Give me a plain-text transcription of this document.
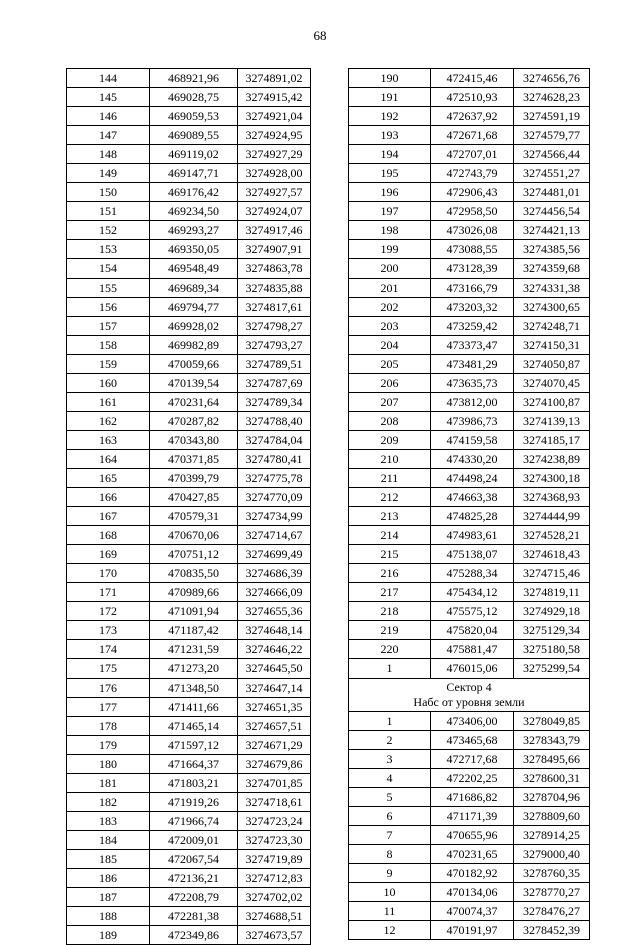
68
144	468921,96	3274891,02
145	469028,75	3274915,42
146	469059,53	3274921,04
147	469089,55	3274924,95
148	469119,02	3274927,29
149	469147,71	3274928,00
150	469176,42	3274927,57
151	469234,50	3274924,07
152	469293,27	3274917,46
153	469350,05	3274907,91
154	469548,49	3274863,78
155	469689,34	3274835,88
156	469794,77	3274817,61
157	469928,02	3274798,27
158	469982,89	3274793,27
159	470059,66	3274789,51
160	470139,54	3274787,69
161	470231,64	3274789,34
162	470287,82	3274788,40
163	470343,80	3274784,04
164	470371,85	3274780,41
165	470399,79	3274775,78
166	470427,85	3274770,09
167	470579,31	3274734,99
168	470670,06	3274714,67
169	470751,12	3274699,49
170	470835,50	3274686,39
171	470989,66	3274666,09
172	471091,94	3274655,36
173	471187,42	3274648,14
174	471231,59	3274646,22
175	471273,20	3274645,50
176	471348,50	3274647,14
177	471411,66	3274651,35
178	471465,14	3274657,51
179	471597,12	3274671,29
180	471664,37	3274679,86
181	471803,21	3274701,85
182	471919,26	3274718,61
183	471966,74	3274723,24
184	472009,01	3274723,30
185	472067,54	3274719,89
186	472136,21	3274712,83
187	472208,79	3274702,02
188	472281,38	3274688,51
189	472349,86	3274673,57
190	472415,46	3274656,76
191	472510,93	3274628,23
192	472637,92	3274591,19
193	472671,68	3274579,77
194	472707,01	3274566,44
195	472743,79	3274551,27
196	472906,43	3274481,01
197	472958,50	3274456,54
198	473026,08	3274421,13
199	473088,55	3274385,56
200	473128,39	3274359,68
201	473166,79	3274331,38
202	473203,32	3274300,65
203	473259,42	3274248,71
204	473373,47	3274150,31
205	473481,29	3274050,87
206	473635,73	3274070,45
207	473812,00	3274100,87
208	473986,73	3274139,13
209	474159,58	3274185,17
210	474330,20	3274238,89
211	474498,24	3274300,18
212	474663,38	3274368,93
213	474825,28	3274444,99
214	474983,61	3274528,21
215	475138,07	3274618,43
216	475288,34	3274715,46
217	475434,12	3274819,11
218	475575,12	3274929,18
219	475820,04	3275129,34
220	475881,47	3275180,58
1	476015,06	3275299,54

Сектор 4
Набс от уровня земли		

1	473406,00	3278049,85
2	473465,68	3278343,79
3	472717,68	3278495,66
4	472202,25	3278600,31
5	471686,82	3278704,96
6	471171,39	3278809,60
7	470655,96	3278914,25
8	470231,65	3279000,40
9	470182,92	3278760,35
10	470134,06	3278770,27
11	470074,37	3278476,27
12	470191,97	3278452,39
